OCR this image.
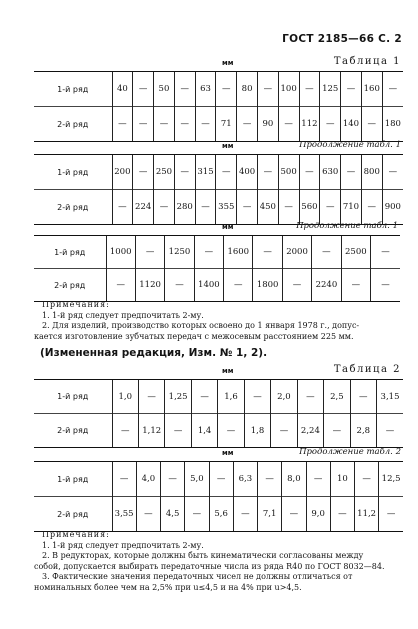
ГОСТ 2185—66 С. 2
мм	Таблица 1
1-й ряд	40	—	50	—	63	—	80	—	100	—	125	—	160	—
2-й ряд	—	—	—	—	—	71	—	90	—	112	—	140	—	180
мм	Продолжение табл. 1
1-й ряд	200	—	250	—	315	—	400	—	500	—	630	—	800	—
2-й ряд	—	224	—	280	—	355	—	450	—	560	—	710	—	900
мм	Продолжение табл. 1
1-й ряд	1000	—	1250	—	1600	—	2000	—	2500	—
2-й ряд	—	1120	—	1400	—	1800	—	2240	—	—
Примечания:
1. 1-й ряд следует предпочитать 2-му.
2. Для изделий, производство которых освоено до 1 января 1978 г., допус-
кается изготовление зубчатых передач с межосевым расстоянием 225 мм.
(Измененная редакция, Изм. № 1, 2).
мм	Таблица 2
1-й ряд	1,0	—	1,25	—	1,6	—	2,0	—	2,5	—	3,15
2-й ряд	—	1,12	—	1,4	—	1,8	—	2,24	—	2,8	—
мм	Продолжение табл. 2
1-й ряд	—	4,0	—	5,0	—	6,3	—	8,0	—	10	—	12,5
2-й ряд	3,55	—	4,5	—	5,6	—	7,1	—	9,0	—	11,2	—
Примечания:
1. 1-й ряд следует предпочитать 2-му.
2. В редукторах, которые должны быть кинематически согласованы между
собой, допускается выбирать передаточные числа из ряда R40 по ГОСТ 8032—84.
3. Фактические значения передаточных чисел не должны отличаться от
номинальных более чем на 2,5% при u≤4,5 и на 4% при u>4,5.
